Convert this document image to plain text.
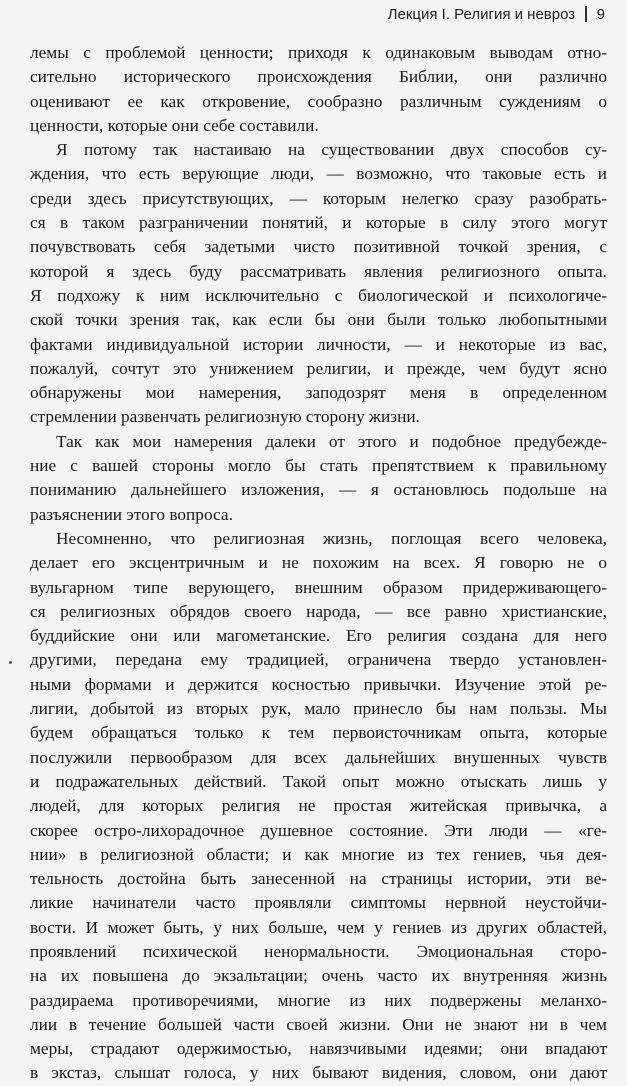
Лекция I. Религия и невроз 9
лемы с проблемой ценности; приходя к одинаковым выводам отно-
сительно исторического происхождения Библии, они различно
оценивают ее как откровение, сообразно различным суждениям о
ценности, которые они себе составили.
Я потому так настаиваю на существовании двух способов су-
ждения, что есть верующие люди, — возможно, что таковые есть и
среди здесь присутствующих, — которым нелегко сразу разобрать-
ся в таком разграничении понятий, и которые в силу этого могут
почувствовать себя задетыми чисто позитивной точкой зрения, с
которой я здесь буду рассматривать явления религиозного опыта.
Я подхожу к ним исключительно с биологической и психологиче-
ской точки зрения так, как если бы они были только любопытными
фактами индивидуальной истории личности, — и некоторые из вас,
пожалуй, сочтут это унижением религии, и прежде, чем будут ясно
обнаружены мои намерения, заподозрят меня в определенном
стремлении развенчать религиозную сторону жизни.
Так как мои намерения далеки от этого и подобное предубежде-
ние с вашей стороны могло бы стать препятствием к правильному
пониманию дальнейшего изложения, — я остановлюсь подольше на
разъяснении этого вопроса.
Несомненно, что религиозная жизнь, поглощая всего человека,
делает его эксцентричным и не похожим на всех. Я говорю не о
вульгарном типе верующего, внешним образом придерживающего-
ся религиозных обрядов своего народа, — все равно христианские,
буддийские они или магометанские. Его религия создана для него
другими, передана ему традицией, ограничена твердо установлен-
ными формами и держится косностью привычки. Изучение этой ре-
лигии, добытой из вторых рук, мало принесло бы нам пользы. Мы
будем обращаться только к тем первоисточникам опыта, которые
послужили первообразом для всех дальнейших внушенных чувств
и подражательных действий. Такой опыт можно отыскать лишь у
людей, для которых религия не простая житейская привычка, а
скорее остро-лихорадочное душевное состояние. Эти люди — «ге-
нии» в религиозной области; и как многие из тех гениев, чья дея-
тельность достойна быть занесенной на страницы истории, эти ве-
ликие начинатели часто проявляли симптомы нервной неустойчи-
вости. И может быть, у них больше, чем у гениев из других областей,
проявлений психической ненормальности. Эмоциональная сторо-
на их повышена до экзальтации; очень часто их внутренняя жизнь
раздираема противоречиями, многие из них подвержены меланхо-
лии в течение большей части своей жизни. Они не знают ни в чем
меры, страдают одержимостью, навязчивыми идеями; они впадают
в экстаз, слышат голоса, у них бывают видения, словом, они дают
